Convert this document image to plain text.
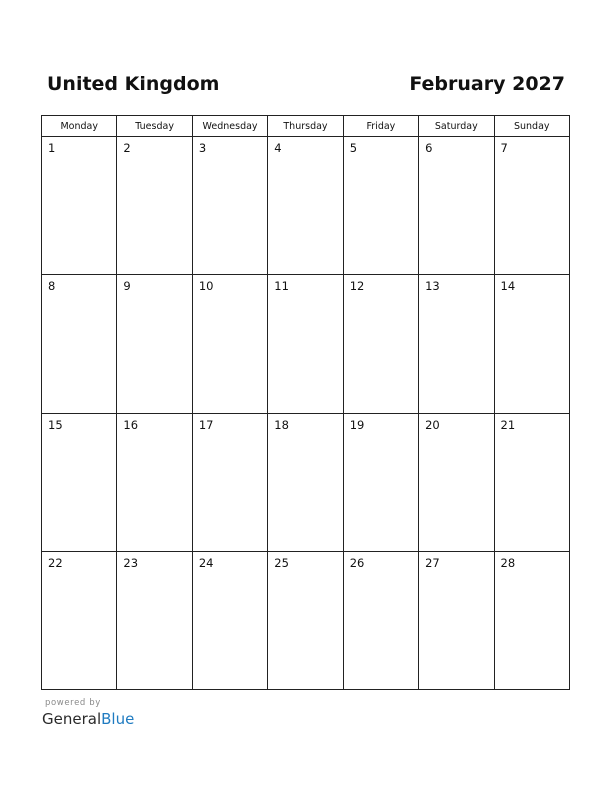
United Kingdom	February 2027
Monday	Tuesday	Wednesday	Thursday	Friday	Saturday	Sunday

1	2	3	4	5	6	7

8	9	10	11	12	13	14

15	16	17	18	19	20	21

22	23	24	25	26	27	28
powered by
GeneralBlue
